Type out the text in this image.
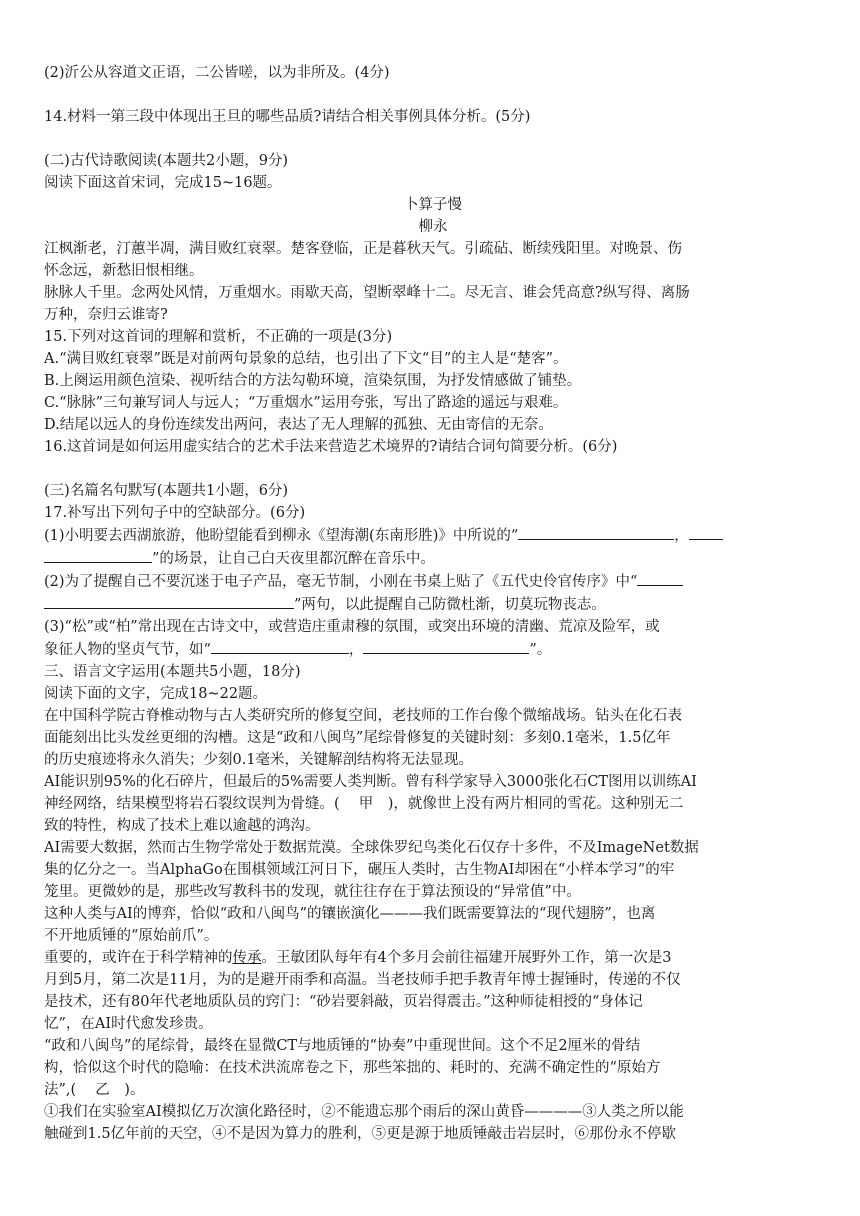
(2)沂公从容道文正语，二公皆嗟，以为非所及。(4分)
14.材料一第三段中体现出王旦的哪些品质?请结合相关事例具体分析。(5分)
(二)古代诗歌阅读(本题共2小题，9分)
阅读下面这首宋词，完成15~16题。
卜算子慢
柳永
江枫渐老，汀蕙半凋，满目败红衰翠。楚客登临，正是暮秋天气。引疏砧、断续残阳里。对晚景、伤
怀念远，新愁旧恨相继。
脉脉人千里。念两处风情，万重烟水。雨歇天高，望断翠峰十二。尽无言、谁会凭高意?纵写得、离肠
万种，奈归云谁寄?
15.下列对这首词的理解和赏析，不正确的一项是(3分)
A.“满目败红衰翠”既是对前两句景象的总结，也引出了下文“目”的主人是“楚客”。
B.上阕运用颜色渲染、视听结合的方法勾勒环境，渲染氛围，为抒发情感做了铺垫。
C.“脉脉”三句兼写词人与远人；“万重烟水”运用夸张，写出了路途的遥远与艰难。
D.结尾以远人的身份连续发出两问，表达了无人理解的孤独、无由寄信的无奈。
16.这首词是如何运用虚实结合的艺术手法来营造艺术境界的?请结合词句简要分析。(6分)
(三)名篇名句默写(本题共1小题，6分)
17.补写出下列句子中的空缺部分。(6分)
(1)小明要去西湖旅游，他盼望能看到柳永《望海潮(东南形胜)》中所说的“	，
”的场景，让自己白天夜里都沉醉在音乐中。
(2)为了提醒自己不要沉迷于电子产品，毫无节制，小刚在书桌上贴了《五代史伶官传序》中“
”两句，以此提醒自己防微杜渐，切莫玩物丧志。
(3)“松”或“柏”常出现在古诗文中，或营造庄重肃穆的氛围，或突出环境的清幽、荒凉及险军，或
象征人物的坚贞气节，如“	，	”。
三、语言文字运用(本题共5小题，18分)
阅读下面的文字，完成18~22题。
在中国科学院古脊椎动物与古人类研究所的修复空间，老技师的工作台像个微缩战场。钻头在化石表
面能刻出比头发丝更细的沟槽。这是“政和八闽鸟”尾综骨修复的关键时刻：多刻0.1毫米，1.5亿年
的历史痕迹将永久消失；少刻0.1毫米，关键解剖结构将无法显现。
AI能识别95%的化石碎片，但最后的5%需要人类判断。曾有科学家导入3000张化石CT图用以训练AI
神经网络，结果模型将岩石裂纹误判为骨缝。(　 甲　)，就像世上没有两片相同的雪花。这种别无二
致的特性，构成了技术上难以逾越的鸿沟。
AI需要大数据，然而古生物学常处于数据荒漠。全球侏罗纪鸟类化石仅存十多件，不及ImageNet数据
集的亿分之一。当AlphaGo在围棋领域江河日下，碾压人类时，古生物AI却困在“小样本学习”的牢
笼里。更微妙的是，那些改写教科书的发现，就往往存在于算法预设的“异常值”中。
这种人类与AI的博弈，恰似“政和八闽鸟”的镶嵌演化———我们既需要算法的“现代翅膀”，也离
不开地质锤的“原始前爪”。
重要的，或许在于科学精神的传承。王敏团队每年有4个多月会前往福建开展野外工作，第一次是3
月到5月，第二次是11月，为的是避开雨季和高温。当老技师手把手教青年博士握锤时，传递的不仅
是技术，还有80年代老地质队员的窍门：“砂岩要斜敲，页岩得震击。”这种师徒相授的“身体记
忆”，在AI时代愈发珍贵。
“政和八闽鸟”的尾综骨，最终在显微CT与地质锤的“协奏”中重现世间。这个不足2厘米的骨结
构，恰似这个时代的隐喻：在技术洪流席卷之下，那些笨拙的、耗时的、充满不确定性的“原始方
法”,(　 乙　)。
①我们在实验室AI模拟亿万次演化路径时，②不能遗忘那个雨后的深山黄昏————③人类之所以能
触碰到1.5亿年前的天空，④不是因为算力的胜利，⑤更是源于地质锤敲击岩层时，⑥那份永不停歇
